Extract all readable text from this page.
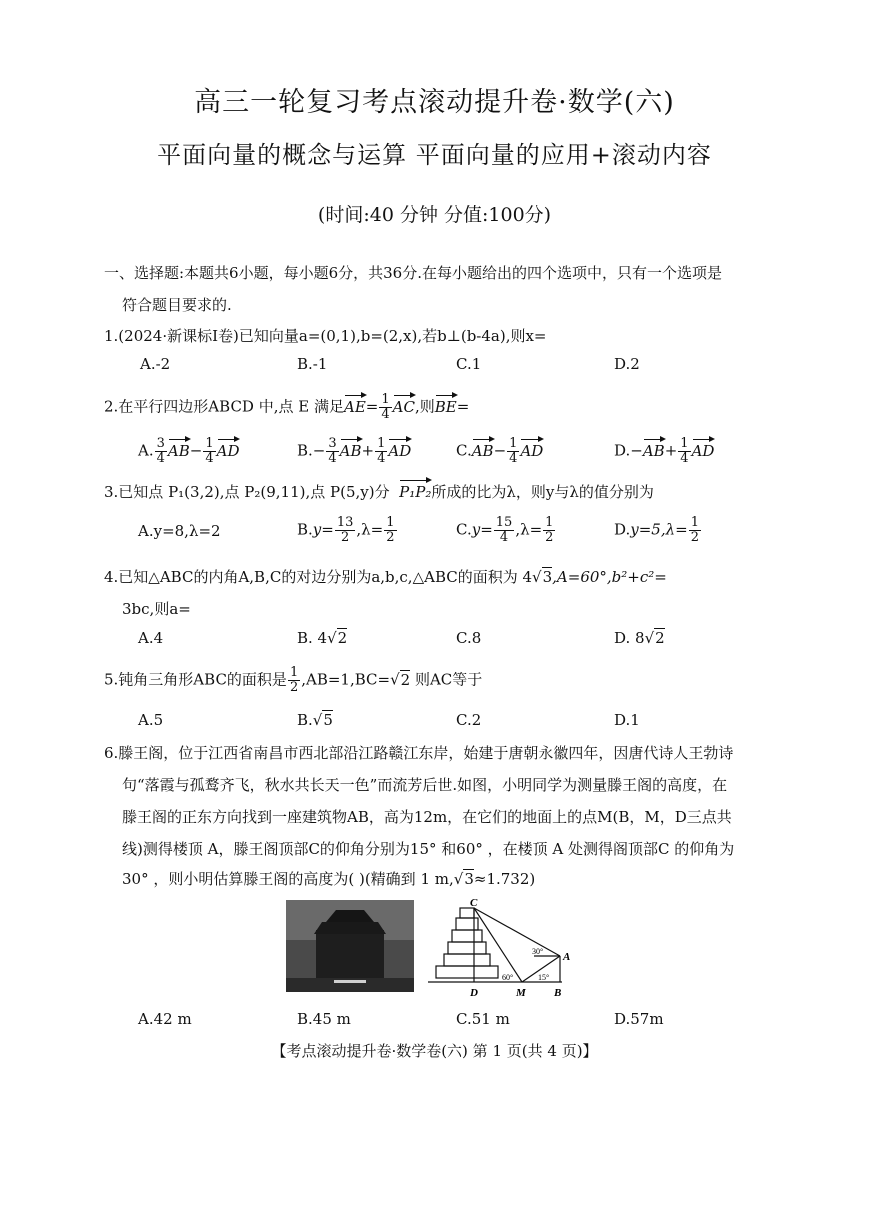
高三一轮复习考点滚动提升卷·数学(六)
平面向量的概念与运算 平面向量的应用+滚动内容
(时间:40 分钟 分值:100分)
一、选择题:本题共6小题，每小题6分，共36分.在每小题给出的四个选项中，只有一个选项是
符合题目要求的.
1.(2024·新课标Ⅰ卷)已知向量a=(0,1),b=(2,x),若b⊥(b-4a),则x=
A.-2	B.-1	C.1	D.2
2.在平行四边形ABCD 中,点 E 满足$AE= \frac{1}{4}$ AC,则BE=
A. $\frac{3}{4} AB- \frac{1}{4}$ AD	$B.- \frac{3}{4} AB+ \frac{1}{4}$ AD	$C.AB- \frac{1}{4}$ AD	$D.-AB+ \frac{1}{4}$ AD
3.已知点 P₁(3,2),点 P₂(9,11),点 P(5,y)分 P₁P₂所成的比为λ，则y与λ的值分别为
A.y=8,λ=2	$B.y= \frac{13}{2} ,\lambda= \frac{1}{2}$	$C.y= \frac{15}{4} ,\lambda= \frac{1}{2}$	$D.y=5,\lambda= \frac{1}{2}$
4.已知△ABC的内角A,B,C的对边分别为a,b,c,△ABC的面积为 4√3,A=60°,b²+c²=
3bc,则a=
A.4	B. 4√2	C.8	D. 8√2
5.钝角三角形ABC的面积是 $\frac{1}{2} ,AB=1,BC=√2$ 则AC等于
A.5	B.√5	C.2	D.1
6.滕王阁，位于江西省南昌市西北部沿江路赣江东岸，始建于唐朝永徽四年，因唐代诗人王勃诗
句“落霞与孤鹜齐飞，秋水共长天一色”而流芳后世.如图，小明同学为测量滕王阁的高度，在
滕王阁的正东方向找到一座建筑物AB，高为12m，在它们的地面上的点M(B，M，D三点共
线)测得楼顶 A，滕王阁顶部C的仰角分别为15° 和60° ，在楼顶 A 处测得阁顶部C 的仰角为
30° ，则小明估算滕王阁的高度为( )(精确到 1 m,√3≈1.732)
C
A
D	M	B
30°
60°	15°
A.42 m	B.45 m	C.51 m	D.57m
【考点滚动提升卷·数学卷(六) 第 1 页(共 4 页)】
